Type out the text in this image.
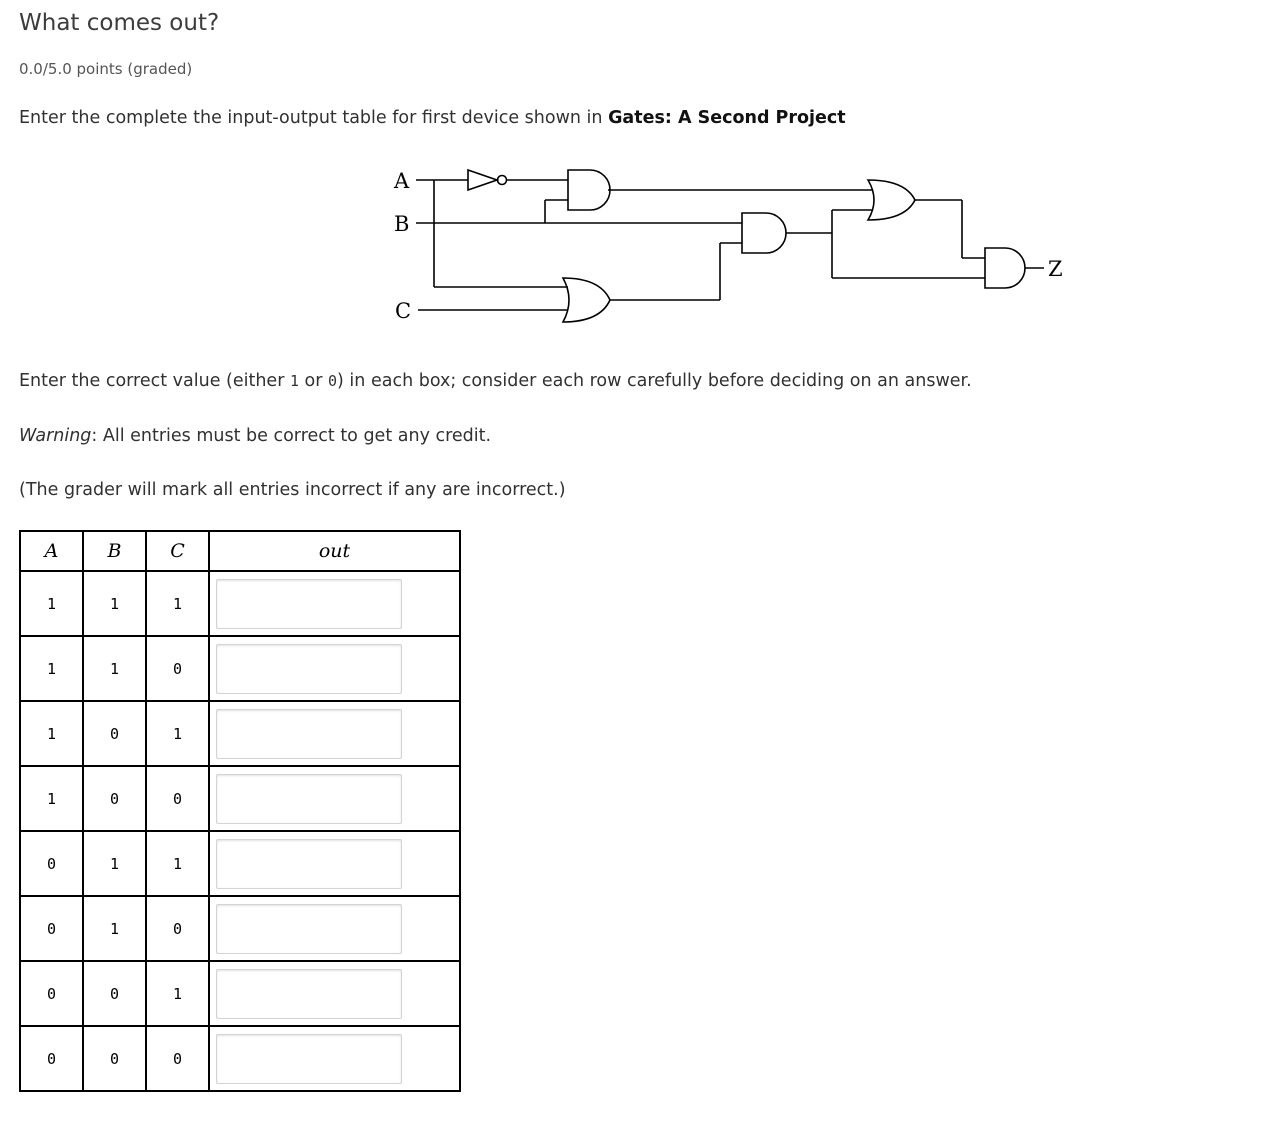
What comes out?
0.0/5.0 points (graded)
Enter the complete the input-output table for first device shown in Gates: A Second Project
A
B
C
Z
Enter the correct value (either 1 or 0) in each box; consider each row carefully before deciding on an answer.
Warning: All entries must be correct to get any credit.
(The grader will mark all entries incorrect if any are incorrect.)
A	B	C	out
1	1	1	

1	1	0	

1	0	1	

1	0	0	

0	1	1	

0	1	0	

0	0	1	

0	0	0	
